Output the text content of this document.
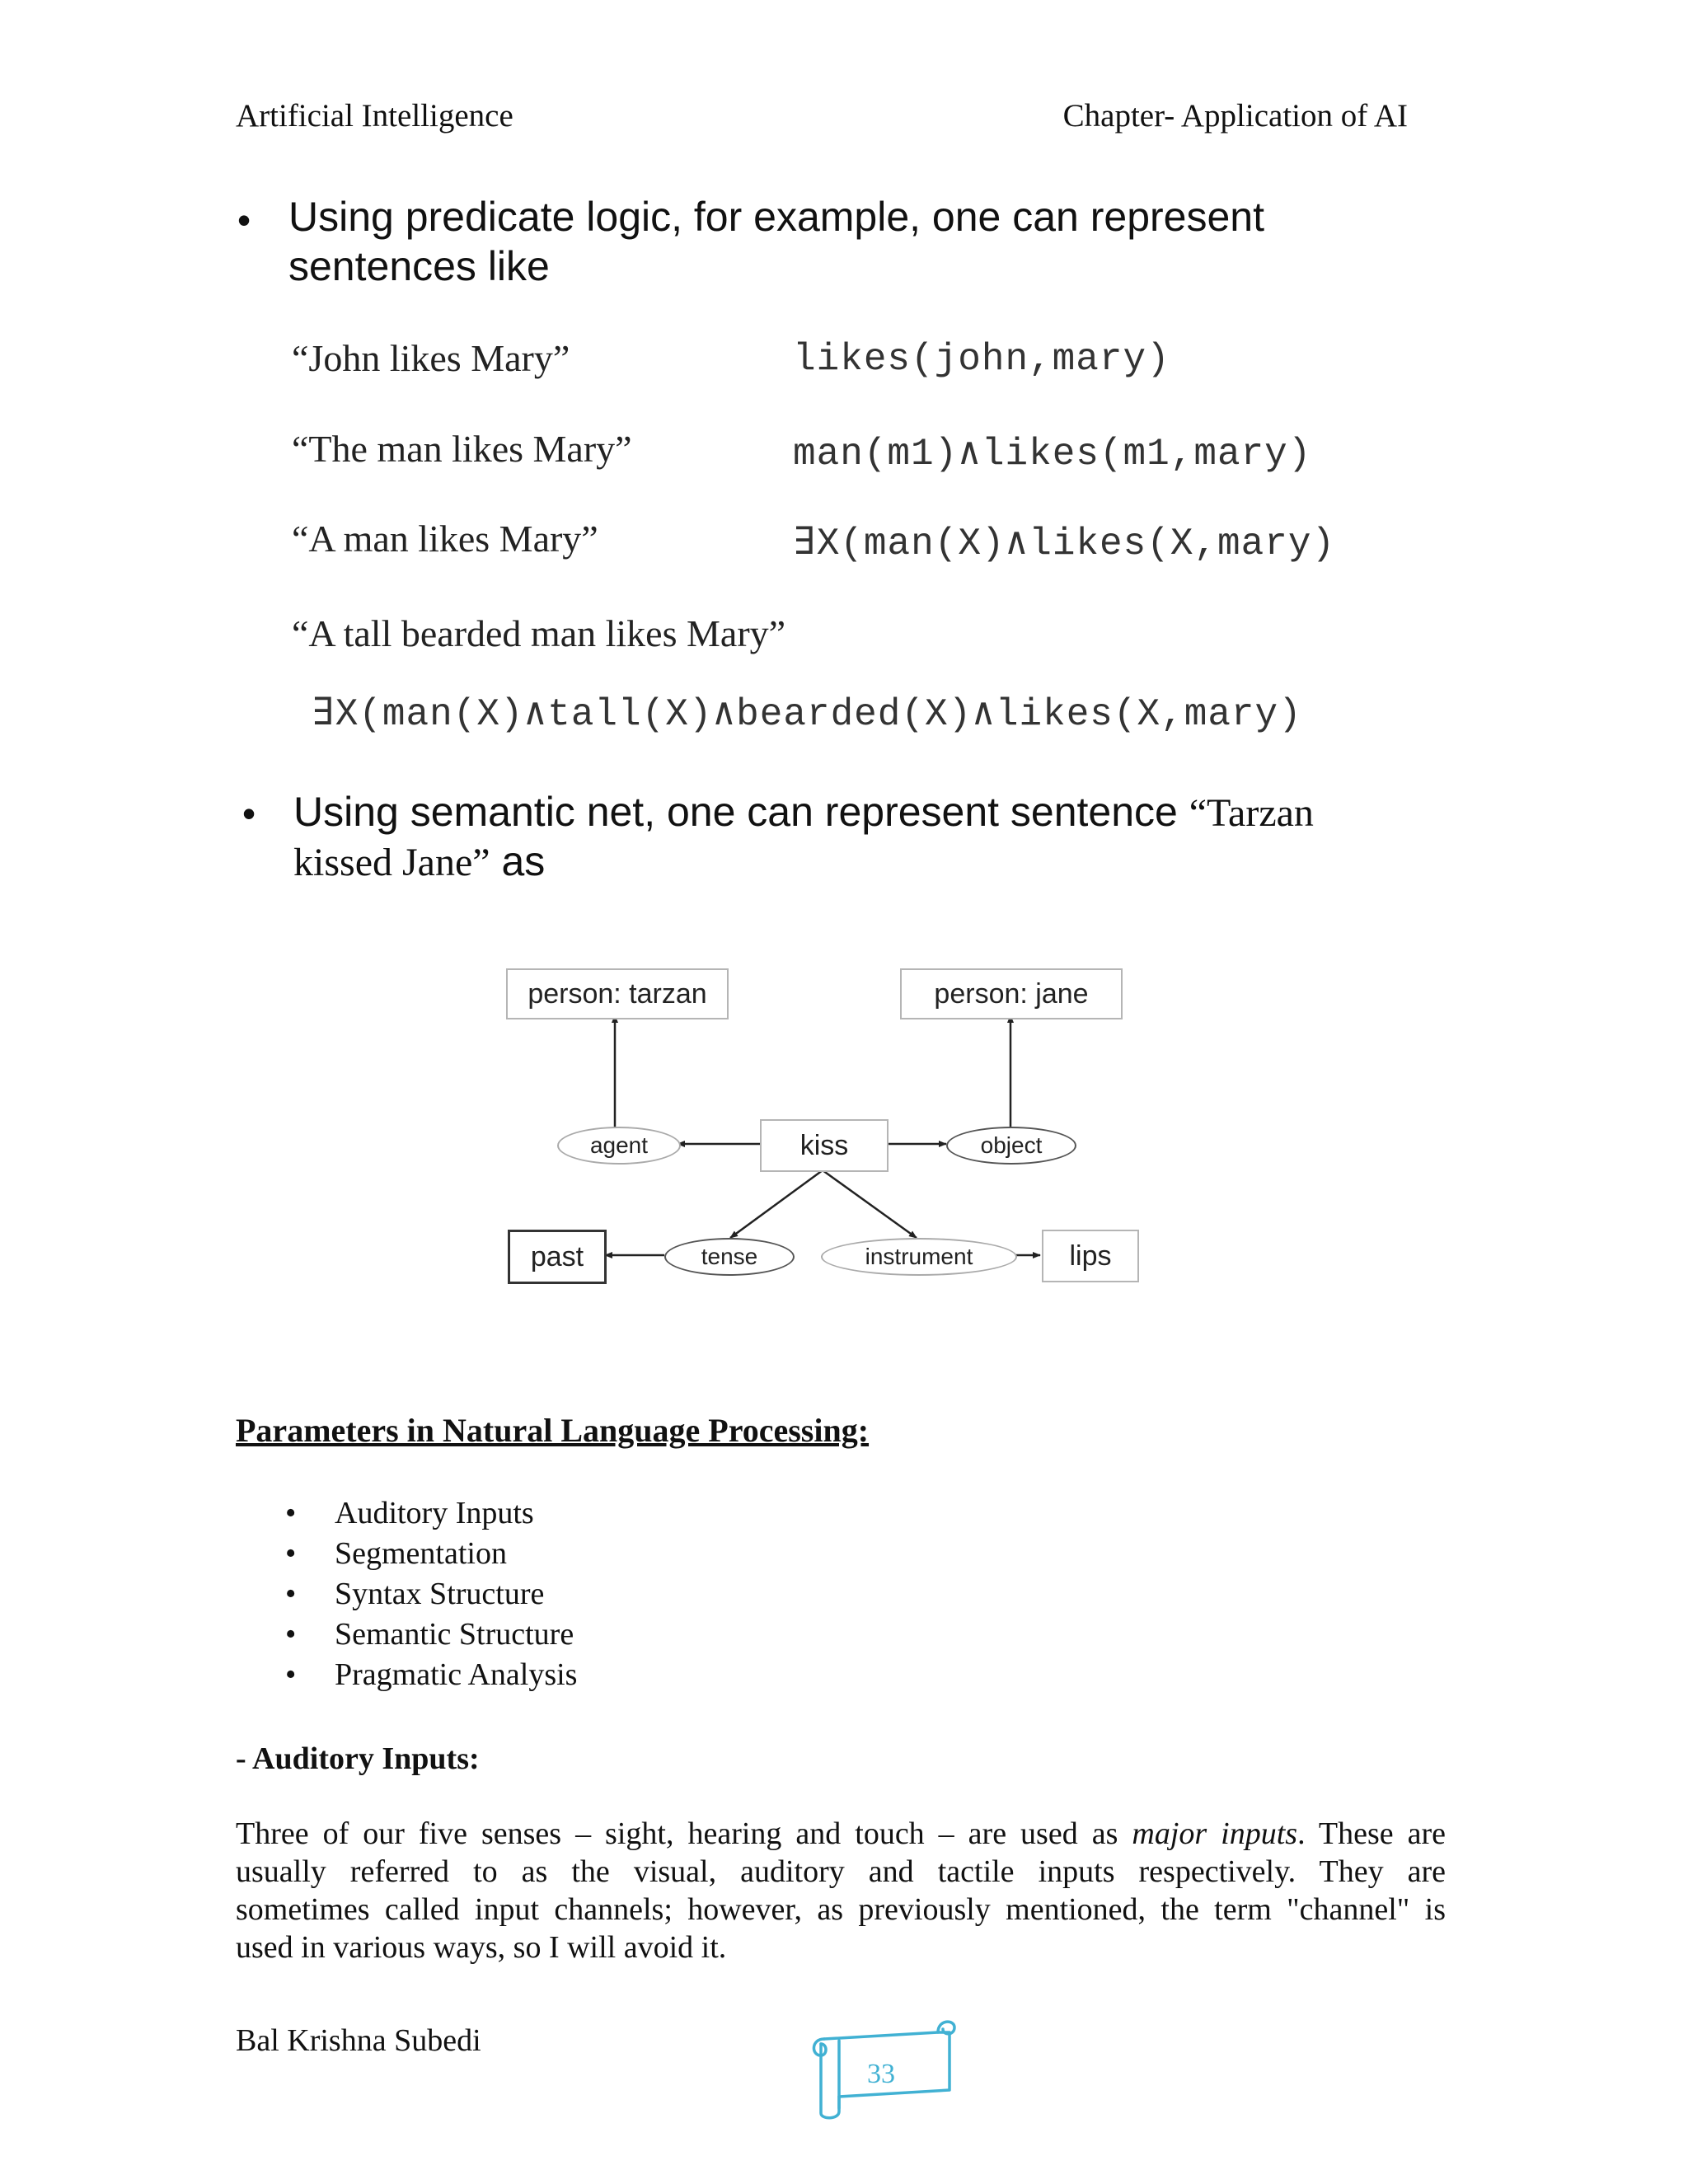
Artificial Intelligence	Chapter- Application of AI
• Using predicate logic, for example, one can represent
sentences like
“John likes Mary”	likes(john,mary)
“The man likes Mary”	man(m1)∧likes(m1,mary)
“A man likes Mary”	∃X(man(X)∧likes(X,mary)
“A tall bearded man likes Mary”
∃X(man(X)∧tall(X)∧bearded(X)∧likes(X,mary)
• Using semantic net, one can represent sentence “Tarzan
kissed Jane” as
person: tarzan	person: jane
agent	kiss	object
past	tense	instrument	lips
Parameters in Natural Language Processing:
• Auditory Inputs
• Segmentation
• Syntax Structure
• Semantic Structure
• Pragmatic Analysis
- Auditory Inputs:
Three of our five senses – sight, hearing and touch – are used as major inputs. These are
usually referred to as the visual, auditory and tactile inputs respectively. They are
sometimes called input channels; however, as previously mentioned, the term "channel" is
used in various ways, so I will avoid it.
Bal Krishna Subedi
33
